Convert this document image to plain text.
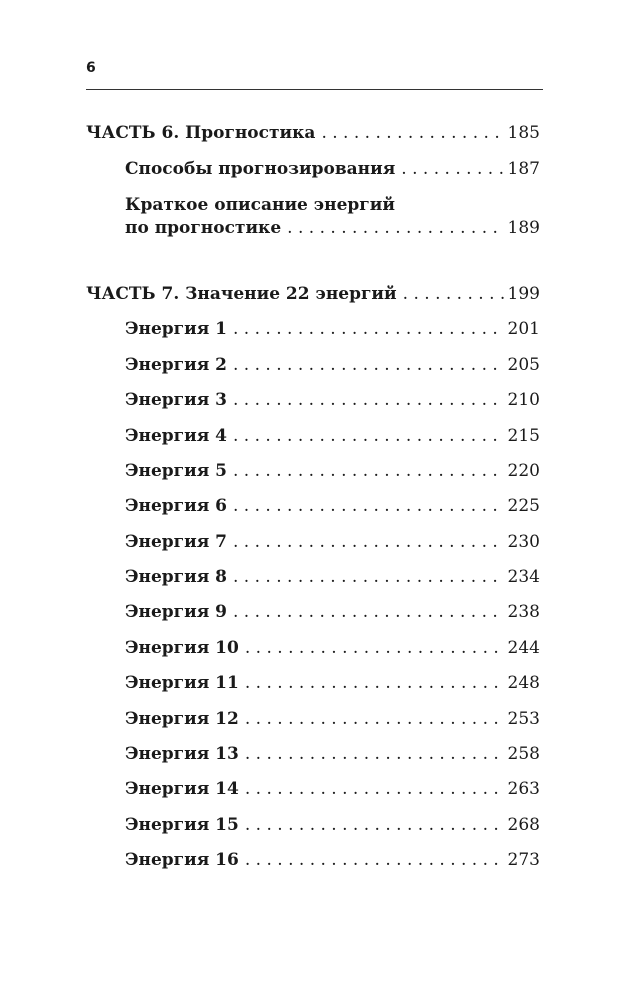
6
ЧАСТЬ 6. Прогностика . . .	185
Способы прогнозирования . . .	187
Краткое описание энергий
по прогностике . . .	189
ЧАСТЬ 7. Значение 22 энергий . . .	199
Энергия 1 . . .	201
Энергия 2 . . .	205
Энергия 3 . . .	210
Энергия 4 . . .	215
Энергия 5 . . .	220
Энергия 6 . . .	225
Энергия 7 . . .	230
Энергия 8 . . .	234
Энергия 9 . . .	238
Энергия 10 . . .	244
Энергия 11 . . .	248
Энергия 12 . . .	253
Энергия 13 . . .	258
Энергия 14 . . .	263
Энергия 15 . . .	268
Энергия 16 . . .	273
